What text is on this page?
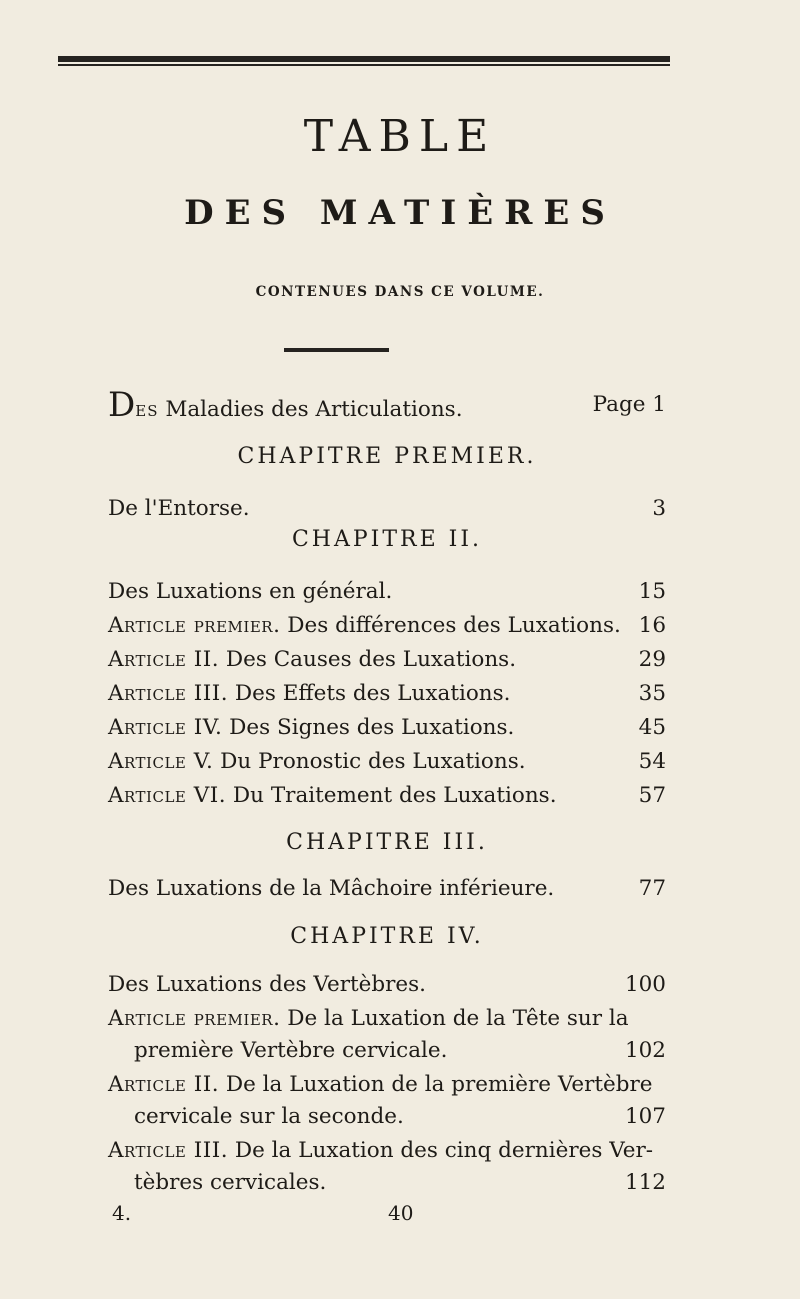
TABLE
DES MATIÈRES
CONTENUES DANS CE VOLUME.
DES Maladies des Articulations.	Page 1
CHAPITRE PREMIER.
De l'Entorse.	3
CHAPITRE II.
Des Luxations en général.	15
Article premier. Des différences des Luxations. 16
Article II. Des Causes des Luxations.	29
Article III. Des Effets des Luxations.	35
Article IV. Des Signes des Luxations.	45
Article V. Du Pronostic des Luxations.	54
Article VI. Du Traitement des Luxations.	57
CHAPITRE III.
Des Luxations de la Mâchoire inférieure.	77
CHAPITRE IV.
Des Luxations des Vertèbres.	100
Article premier. De la Luxation de la Tête sur la
première Vertèbre cervicale.	102
Article II. De la Luxation de la première Vertèbre
cervicale sur la seconde.	107
Article III. De la Luxation des cinq dernières Ver-
tèbres cervicales.	112
4.	40
